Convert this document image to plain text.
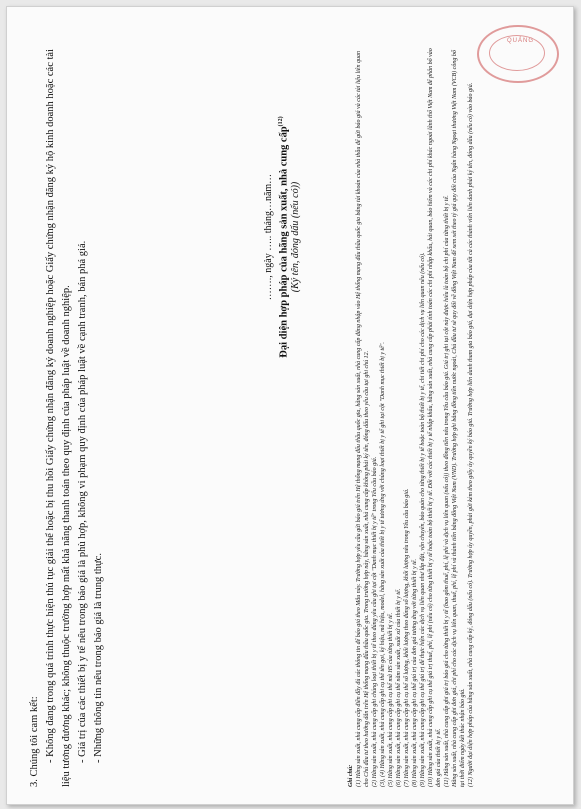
QUẢNG

3. Chúng tôi cam kết: - Không đang trong quá trình thực hiện thủ tục giải thể hoặc bị thu hồi Giấy chứng nhận đăng ký doanh nghiệp hoặc Giấy chứng nhận đăng ký hộ kinh doanh hoặc các tài liệu tương đương khác; không thuộc trường hợp mất khả năng thanh toán theo quy định của pháp luật về doanh nghiệp. - Giá trị của các thiết bị y tế nêu trong báo giá là phù hợp, không vi phạm quy định của pháp luật về cạnh tranh, bán phá giá. - Những thông tin nêu trong báo giá là trung thực.

……., ngày ….. tháng…năm… Đại diện hợp pháp của hãng sản xuất, nhà cung cấp$^{(12)}$
(Ký tên, đóng dấu (nếu có))

Ghi chú: (1) Hãng sản xuất, nhà cung cấp điền đầy đủ các thông tin để báo giá theo Mẫu này. Trường hợp yêu cầu gửi báo giá trên Hệ thống mạng đấu thầu quốc gia, hãng sản xuất, nhà cung cấp đăng nhập vào Hệ thống mạng đấu thầu quốc gia bằng tài khoản của nhà thầu để gửi báo giá và các tài liệu liên quan cho Chủ đầu tư theo hướng dẫn trên Hệ thống mạng đấu thầu quốc gia. Trong trường hợp này, hãng sản xuất, nhà cung cấp không phải ký tên, đóng dấu theo yêu cầu tại ghi chú 12. (2) Hãng sản xuất, nhà cung cấp ghi chủng loại thiết bị y tế theo đúng yêu cầu ghi tại cột "Danh mục thiết bị y tế" trong Yêu cầu báo giá. (3), (4) Hãng sản xuất, nhà cung cấp ghi cụ thể tên gọi, ký hiệu, mã hiệu, model, hãng sản xuất của thiết bị y tế tương ứng với chủng loại thiết bị y tế ghi tại cột "Danh mục thiết bị y tế". (5) Hãng sản xuất, nhà cung cấp ghi cụ thể mã HS của từng thiết bị y tế. (6) Hãng sản xuất, nhà cung cấp ghi cụ thể năm sản xuất, xuất xứ của thiết bị y tế. (7) Hãng sản xuất, nhà cung cấp ghi cụ thể số lượng, khối lượng theo đúng số lượng, khối lượng nêu trong Yêu cầu báo giá. (8) Hãng sản xuất, nhà cung cấp ghi cụ thể giá trị của đơn giá tương ứng với từng thiết bị y tế. (9) Hãng sản xuất, nhà cung cấp ghi cụ thể giá trị để thực hiện các dịch vụ liên quan như lắp đặt, vận chuyển, bảo quản cho từng thiết bị y tế hoặc toàn bộ thiết bị y tế, chi tiết chi phí cho các dịch vụ liên quan nêu (nếu có). (10) Hãng sản xuất, nhà cung cấp ghi cụ thể giá trị thuế, phí, lệ phí (nếu có) cho từng thiết bị y tế hoặc toàn bộ thiết bị y tế. Đối với các thiết bị y tế nhập khẩu, hãng sản xuất, nhà cung cấp phải tính toán các chi phí nhập khẩu, hải quan, bảo hiểm và các chi phí khác ngoài lãnh thổ Việt Nam để phân bổ vào đơn giá của thiết bị y tế. (11) Hãng sản xuất, nhà cung cấp ghi giá trị báo giá cho từng thiết bị y tế (bao gồm thuế, phí, lệ phí và dịch vụ liên quan (nếu có)) theo đồng tiền nêu trong Yêu cầu báo giá. Giá trị ghi tại cột này được hiểu là toàn bộ chi phí của từng thiết bị y tế. Hãng sản xuất, nhà cung cấp ghi đơn giá, chi phí cho các dịch vụ liên quan, thuế, phí, lệ phí và thành tiền bằng đồng Việt Nam (VND). Trường hợp ghi bằng đồng tiền nước ngoài, Chủ đầu tư sẽ quy đổi về đồng Việt Nam để xem xét theo tỷ giá quy đổi của Ngân hàng Ngoại thương Việt Nam (VCB) công bố tại thời điểm ngày kết thúc nhận báo giá. (12) Người đại diện hợp pháp của hãng sản xuất, nhà cung cấp ký, đóng dấu (nếu có). Trường hợp ủy quyền, phải gửi kèm theo giấy ủy quyền ký báo giá. Trường hợp liên danh tham gia báo giá, đại diện hợp pháp của tất cả các thành viên liên danh phải ký tên, đóng dấu (nếu có) vào báo giá.
